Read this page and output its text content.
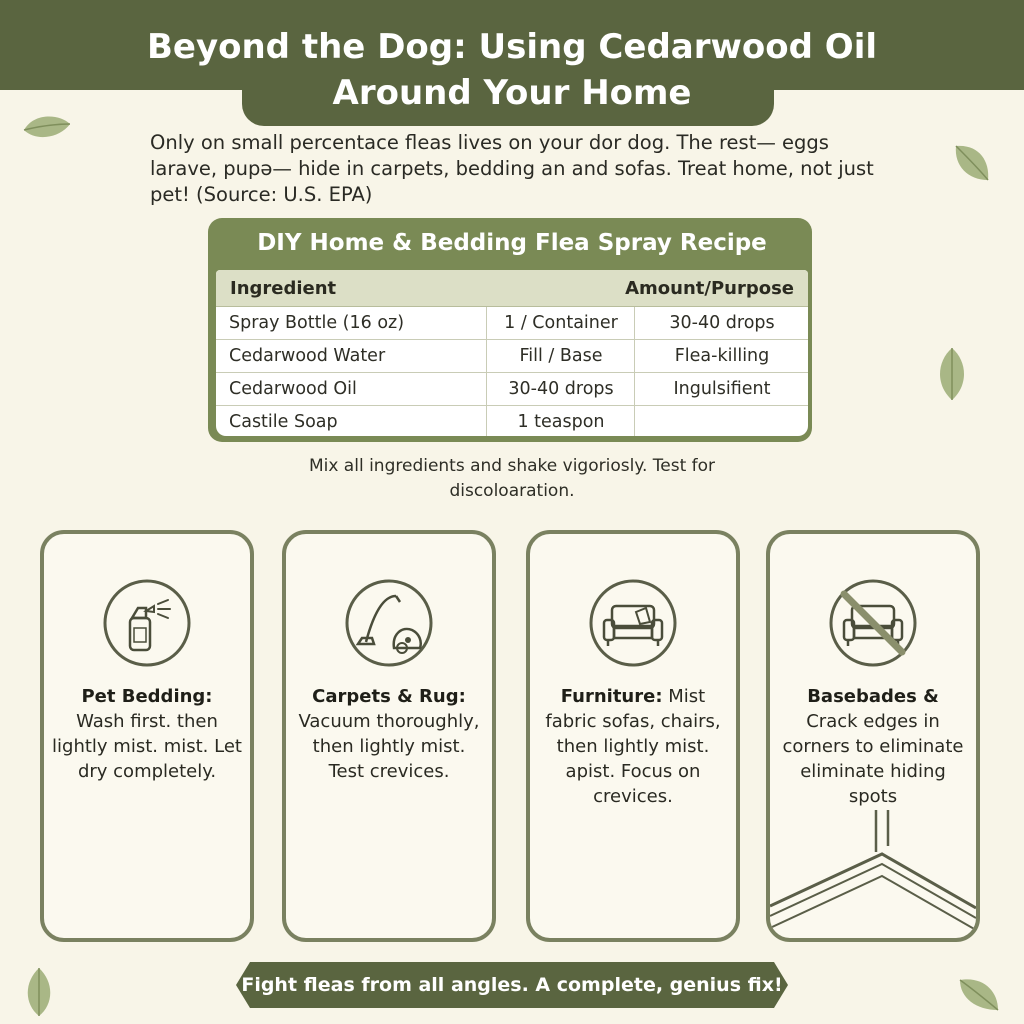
Beyond the Dog: Using Cedarwood Oil
Around Your Home

Only on small percentace fleas lives on your dor dog. The rest— eggs larave, pupə— hide in carpets, bedding an and sofas. Treat home, not just pet! (Source: U.S. EPA)

DIY Home & Bedding Flea Spray Recipe
Ingredient	Amount/Purpose
Spray Bottle (16 oz)	1 / Container	30-40 drops
Cedarwood Water	Fill / Base	Flea-killing
Cedarwood Oil	30-40 drops	Ingulsifient
Castile Soap	1 teaspon

Mix all ingredients and shake vigoriosly. Test for discoloaration.

Pet Bedding:
Wash first. then lightly mist. mist. Let dry completely.

Carpets & Rug:
Vacuum thoroughly, then lightly mist. Test crevices.

Furniture: Mist fabric sofas, chairs, then lightly mist. apist. Focus on crevices.

Basebades &
Crack edges in corners to eliminate eliminate hiding spots

Fight fleas from all angles. A complete, genius fix!
